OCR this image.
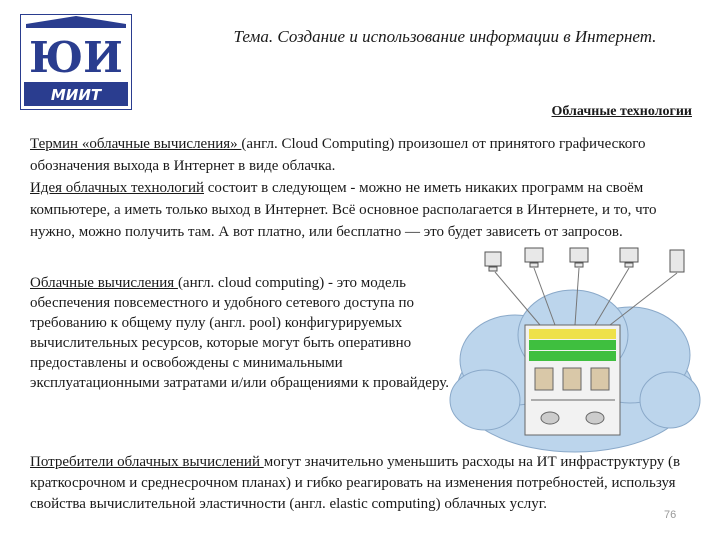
ЮИ
МИИТ
Тема. Создание и использование информации в Интернет.
Облачные технологии

Термин «облачные вычисления» (англ. Cloud Computing) произошел от принятого графического обозначения выхода в Интернет в виде облачка.

Идея облачных технологий состоит в следующем - можно не иметь никаких программ на своём компьютере, а иметь только выход в Интернет. Всё основное располагается в Интернете, и то, что нужно, можно получить там. А вот платно, или бесплатно — это будет зависеть от запросов.

Облачные вычисления (англ. cloud computing) - это модель обеспечения повсеместного и удобного сетевого доступа по требованию к общему пулу (англ. pool) конфигурируемых вычислительных ресурсов, которые могут быть оперативно предоставлены и освобождены с минимальными эксплуатационными затратами и/или обращениями к провайдеру.

Потребители облачных вычислений могут значительно уменьшить расходы на ИТ инфраструктуру (в краткосрочном и среднесрочном планах) и гибко реагировать на изменения потребностей, используя свойства вычислительной эластичности (англ. elastic computing) облачных услуг.

76
